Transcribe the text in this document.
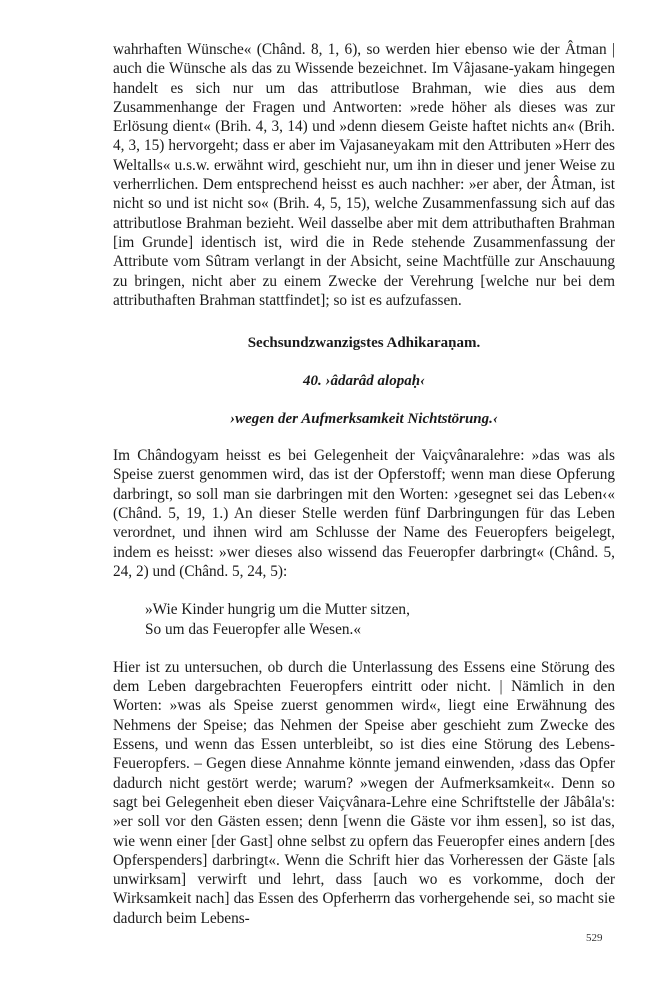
wahrhaften Wünsche« (Chând. 8, 1, 6), so werden hier ebenso wie der Âtman | auch die Wünsche als das zu Wissende bezeichnet. Im Vâjasane-yakam hingegen handelt es sich nur um das attributlose Brahman, wie dies aus dem Zusammenhange der Fragen und Antworten: »rede höher als dieses was zur Erlösung dient« (Brih. 4, 3, 14) und »denn diesem Geiste haftet nichts an« (Brih. 4, 3, 15) hervorgeht; dass er aber im Vajasaneyakam mit den Attributen »Herr des Weltalls« u.s.w. erwähnt wird, geschieht nur, um ihn in dieser und jener Weise zu verherrlichen. Dem entsprechend heisst es auch nachher: »er aber, der Âtman, ist nicht so und ist nicht so« (Brih. 4, 5, 15), welche Zusammenfassung sich auf das attributlose Brahman bezieht. Weil dasselbe aber mit dem attributhaften Brahman [im Grunde] identisch ist, wird die in Rede stehende Zusammenfassung der Attribute vom Sûtram verlangt in der Absicht, seine Machtfülle zur Anschauung zu bringen, nicht aber zu einem Zwecke der Verehrung [welche nur bei dem attributhaften Brahman stattfindet]; so ist es aufzufassen.

Sechsundzwanzigstes Adhikaraṇam.

40. ›âdarâd alopaḥ‹

›wegen der Aufmerksamkeit Nichtstörung.‹

Im Chândogyam heisst es bei Gelegenheit der Vaiçvânaralehre: »das was als Speise zuerst genommen wird, das ist der Opferstoff; wenn man diese Opferung darbringt, so soll man sie darbringen mit den Worten: ›gesegnet sei das Leben‹« (Chând. 5, 19, 1.) An dieser Stelle werden fünf Darbringungen für das Leben verordnet, und ihnen wird am Schlusse der Name des Feueropfers beigelegt, indem es heisst: »wer dieses also wissend das Feueropfer darbringt« (Chând. 5, 24, 2) und (Chând. 5, 24, 5):

»Wie Kinder hungrig um die Mutter sitzen,
So um das Feueropfer alle Wesen.«

Hier ist zu untersuchen, ob durch die Unterlassung des Essens eine Störung des dem Leben dargebrachten Feueropfers eintritt oder nicht. | Nämlich in den Worten: »was als Speise zuerst genommen wird«, liegt eine Erwähnung des Nehmens der Speise; das Nehmen der Speise aber geschieht zum Zwecke des Essens, und wenn das Essen unterbleibt, so ist dies eine Störung des Lebens-Feueropfers. – Gegen diese Annahme könnte jemand einwenden, ›dass das Opfer dadurch nicht gestört werde; warum? »wegen der Aufmerksamkeit«. Denn so sagt bei Gelegenheit eben dieser Vaiçvânara-Lehre eine Schriftstelle der Jâbâla's: »er soll vor den Gästen essen; denn [wenn die Gäste vor ihm essen], so ist das, wie wenn einer [der Gast] ohne selbst zu opfern das Feueropfer eines andern [des Opferspenders] darbringt«. Wenn die Schrift hier das Vorheressen der Gäste [als unwirksam] verwirft und lehrt, dass [auch wo es vorkomme, doch der Wirksamkeit nach] das Essen des Opferherrn das vorhergehende sei, so macht sie dadurch beim Lebens-

529
